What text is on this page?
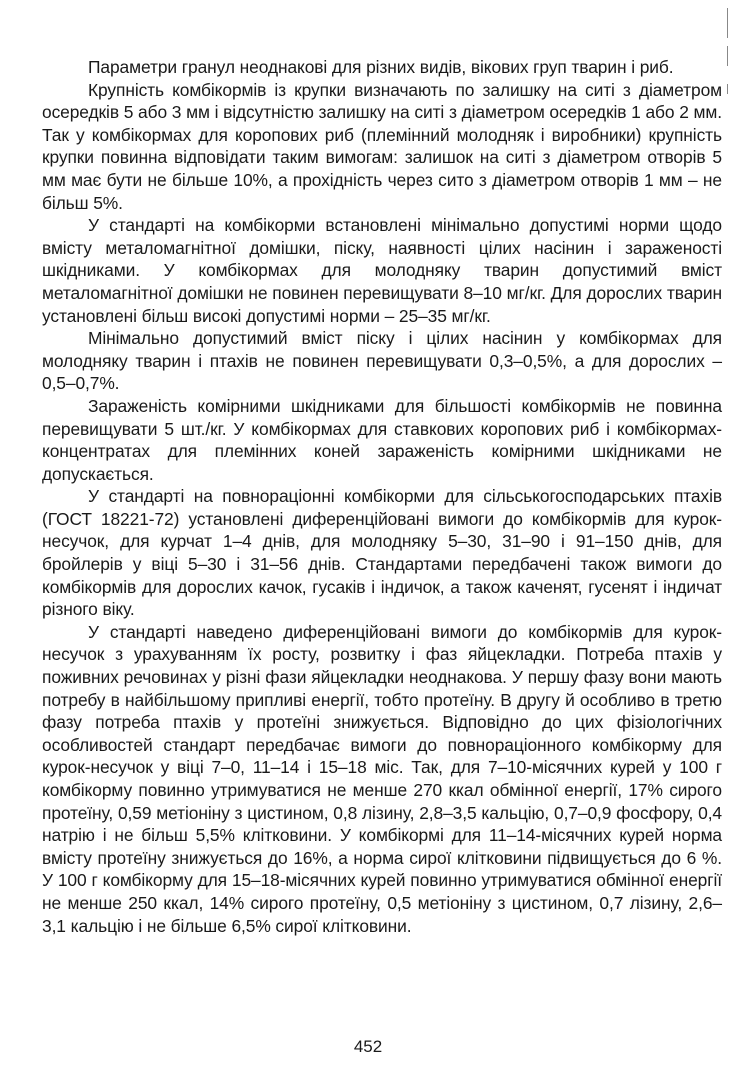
Параметри гранул неоднакові для різних видів, вікових груп тварин і риб.

Крупність комбікормів із крупки визначають по залишку на ситі з діаметром осередків 5 або 3 мм і відсутністю залишку на ситі з діаметром осередків 1 або 2 мм. Так у комбікормах для коропових риб (племінний молодняк і виробники) крупність крупки повинна відповідати таким вимогам: залишок на ситі з діаметром отворів 5 мм має бути не більше 10%, а прохідність через сито з діаметром отворів 1 мм – не більш 5%.

У стандарті на комбікорми встановлені мінімально допустимі норми щодо вмісту металомагнітної домішки, піску, наявності цілих насінин і зараженості шкідниками. У комбікормах для молодняку тварин допустимий вміст металомагнітної домішки не повинен перевищувати 8–10 мг/кг. Для дорослих тварин установлені більш високі допустимі норми – 25–35 мг/кг.

Мінімально допустимий вміст піску і цілих насінин у комбікормах для молодняку тварин і птахів не повинен перевищувати 0,3–0,5%, а для дорослих – 0,5–0,7%.

Зараженість комірними шкідниками для більшості комбікормів не повинна перевищувати 5 шт./кг. У комбікормах для ставкових коропових риб і комбікормах-концентратах для племінних коней зараженість комірними шкідниками не допускається.

У стандарті на повнораціонні комбікорми для сільськогосподарських птахів (ГОСТ 18221-72) установлені диференційовані вимоги до комбікормів для курок-несучок, для курчат 1–4 днів, для молодняку 5–30, 31–90 і 91–150 днів, для бройлерів у віці 5–30 і 31–56 днів. Стандартами передбачені також вимоги до комбікормів для дорослих качок, гусаків і індичок, а також каченят, гусенят і індичат різного віку.

У стандарті наведено диференційовані вимоги до комбікормів для курок-несучок з урахуванням їх росту, розвитку і фаз яйцекладки. Потреба птахів у поживних речовинах у різні фази яйцекладки неоднакова. У першу фазу вони мають потребу в найбільшому припливі енергії, тобто протеїну. В другу й особливо в третю фазу потреба птахів у протеїні знижується. Відповідно до цих фізіологічних особливостей стандарт передбачає вимоги до повнораціонного комбікорму для курок-несучок у віці 7–0, 11–14 і 15–18 міс. Так, для 7–10-місячних курей у 100 г комбікорму повинно утримуватися не менше 270 ккал обмінної енергії, 17% сирого протеїну, 0,59 метіоніну з цистином, 0,8 лізину, 2,8–3,5 кальцію, 0,7–0,9 фосфору, 0,4 натрію і не більш 5,5% клітковини. У комбікормі для 11–14-місячних курей норма вмісту протеїну знижується до 16%, а норма сирої клітковини підвищується до 6 %. У 100 г комбікорму для 15–18-місячних курей повинно утримуватися обмінної енергії не менше 250 ккал, 14% сирого протеїну, 0,5 метіоніну з цистином, 0,7 лізину, 2,6–3,1 кальцію і не більше 6,5% сирої клітковини.

452
